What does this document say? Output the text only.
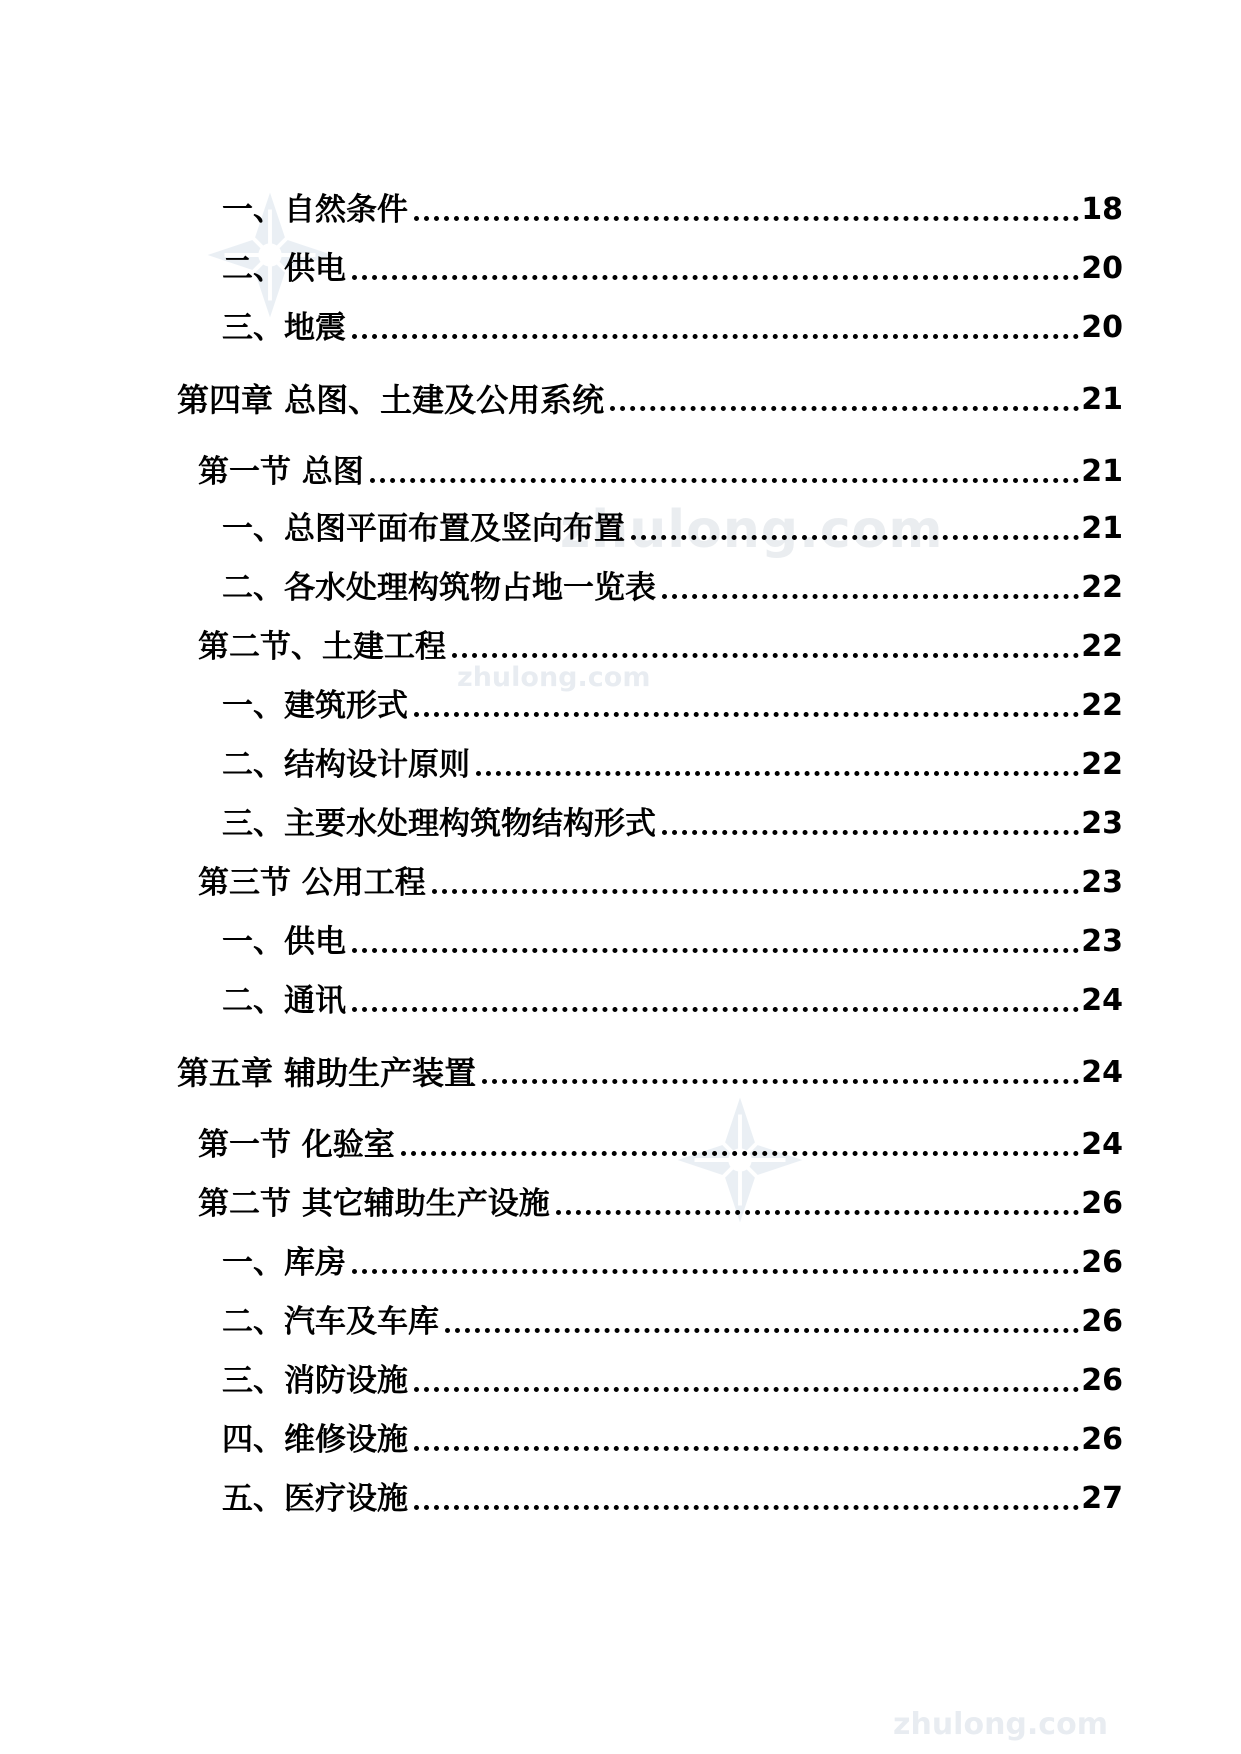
zhulong.com
zhulong.com
zhulong.com
一、自然条件	18
二、供电	20
三、地震	20
第四章 总图、土建及公用系统	21
第一节 总图	21
一、总图平面布置及竖向布置	21
二、各水处理构筑物占地一览表	22
第二节、土建工程	22
一、建筑形式	22
二、结构设计原则	22
三、主要水处理构筑物结构形式	23
第三节 公用工程	23
一、供电	23
二、通讯	24
第五章 辅助生产装置	24
第一节 化验室	24
第二节 其它辅助生产设施	26
一、库房	26
二、汽车及车库	26
三、消防设施	26
四、维修设施	26
五、医疗设施	27
